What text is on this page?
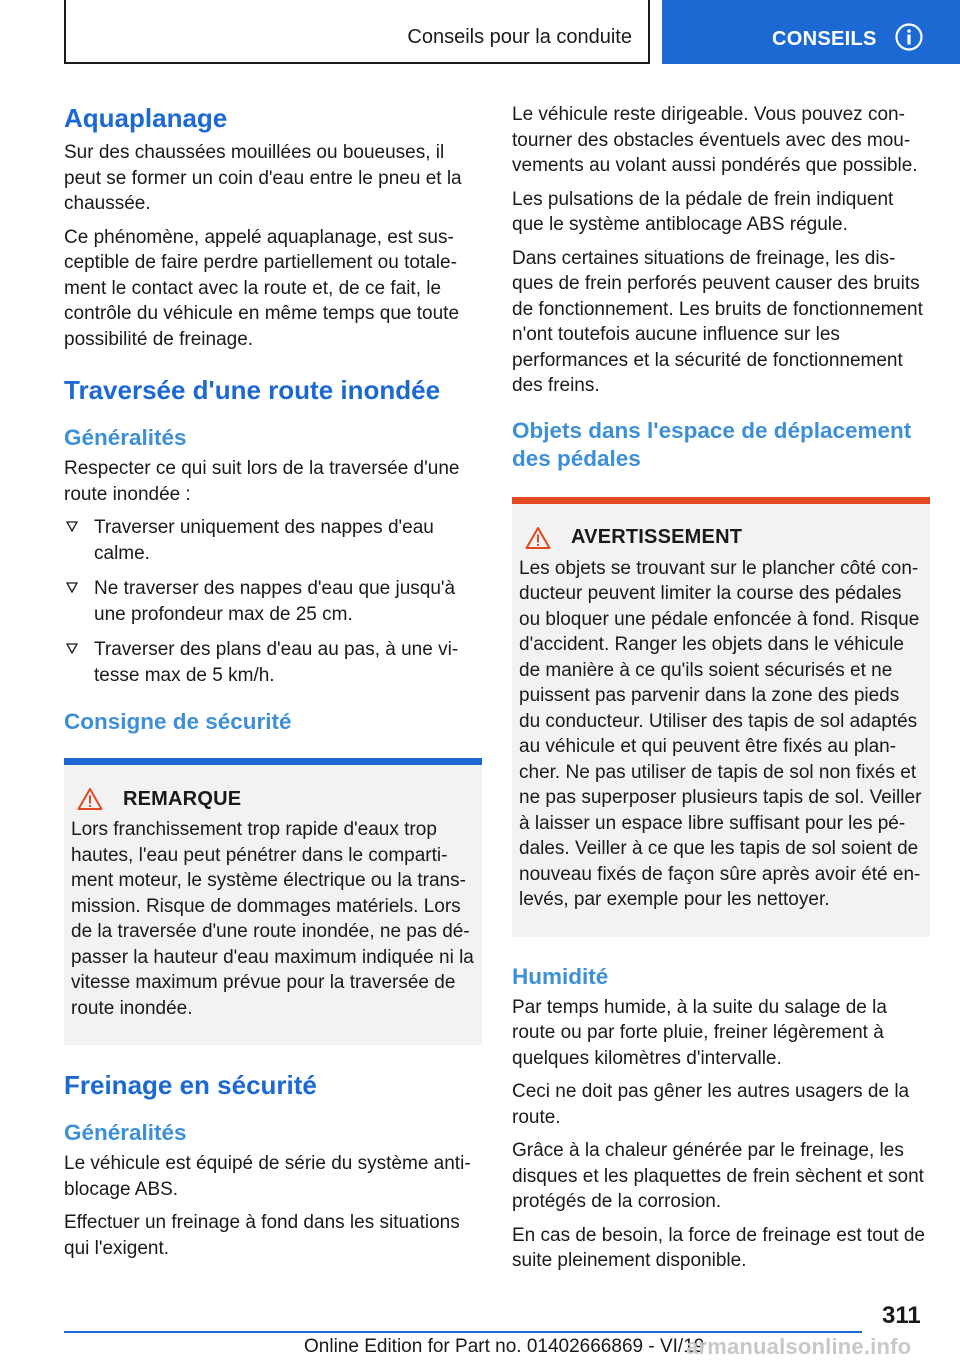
Conseils pour la conduite	CONSEILS
Aquaplanage

Sur des chaussées mouillées ou boueuses, il peut se former un coin d'eau entre le pneu et la chaussée.

Ce phénomène, appelé aquaplanage, est susceptible de faire perdre partiellement ou totalement le contact avec la route et, de ce fait, le contrôle du véhicule en même temps que toute possibilité de freinage.

Traversée d'une route inondée
Généralités

Respecter ce qui suit lors de la traversée d'une route inondée :

Traverser uniquement des nappes d'eau calme.
Ne traverser des nappes d'eau que jusqu'à une profondeur max de 25 cm.
Traverser des plans d'eau au pas, à une vitesse max de 5 km/h.
Consigne de sécurité
REMARQUE

Lors franchissement trop rapide d'eaux trop hautes, l'eau peut pénétrer dans le compartiment moteur, le système électrique ou la transmission. Risque de dommages matériels. Lors de la traversée d'une route inondée, ne pas dépasser la hauteur d'eau maximum indiquée ni la vitesse maximum prévue pour la traversée de route inondée.

Freinage en sécurité
Généralités

Le véhicule est équipé de série du système antiblocage ABS.

Effectuer un freinage à fond dans les situations qui l'exigent.

Le véhicule reste dirigeable. Vous pouvez contourner des obstacles éventuels avec des mouvements au volant aussi pondérés que possible.

Les pulsations de la pédale de frein indiquent que le système antiblocage ABS régule.

Dans certaines situations de freinage, les disques de frein perforés peuvent causer des bruits de fonctionnement. Les bruits de fonctionnement n'ont toutefois aucune influence sur les performances et la sécurité de fonctionnement des freins.

Objets dans l'espace de déplacement des pédales
AVERTISSEMENT

Les objets se trouvant sur le plancher côté conducteur peuvent limiter la course des pédales ou bloquer une pédale enfoncée à fond. Risque d'accident. Ranger les objets dans le véhicule de manière à ce qu'ils soient sécurisés et ne puissent pas parvenir dans la zone des pieds du conducteur. Utiliser des tapis de sol adaptés au véhicule et qui peuvent être fixés au plancher. Ne pas utiliser de tapis de sol non fixés et ne pas superposer plusieurs tapis de sol. Veiller à laisser un espace libre suffisant pour les pédales. Veiller à ce que les tapis de sol soient de nouveau fixés de façon sûre après avoir été enlevés, par exemple pour les nettoyer.

Humidité

Par temps humide, à la suite du salage de la route ou par forte pluie, freiner légèrement à quelques kilomètres d'intervalle.

Ceci ne doit pas gêner les autres usagers de la route.

Grâce à la chaleur générée par le freinage, les disques et les plaquettes de frein sèchent et sont protégés de la corrosion.

En cas de besoin, la force de freinage est tout de suite pleinement disponible.

311
Online Edition for Part no. 01402666869 - VI/19
armanualsonline.info
